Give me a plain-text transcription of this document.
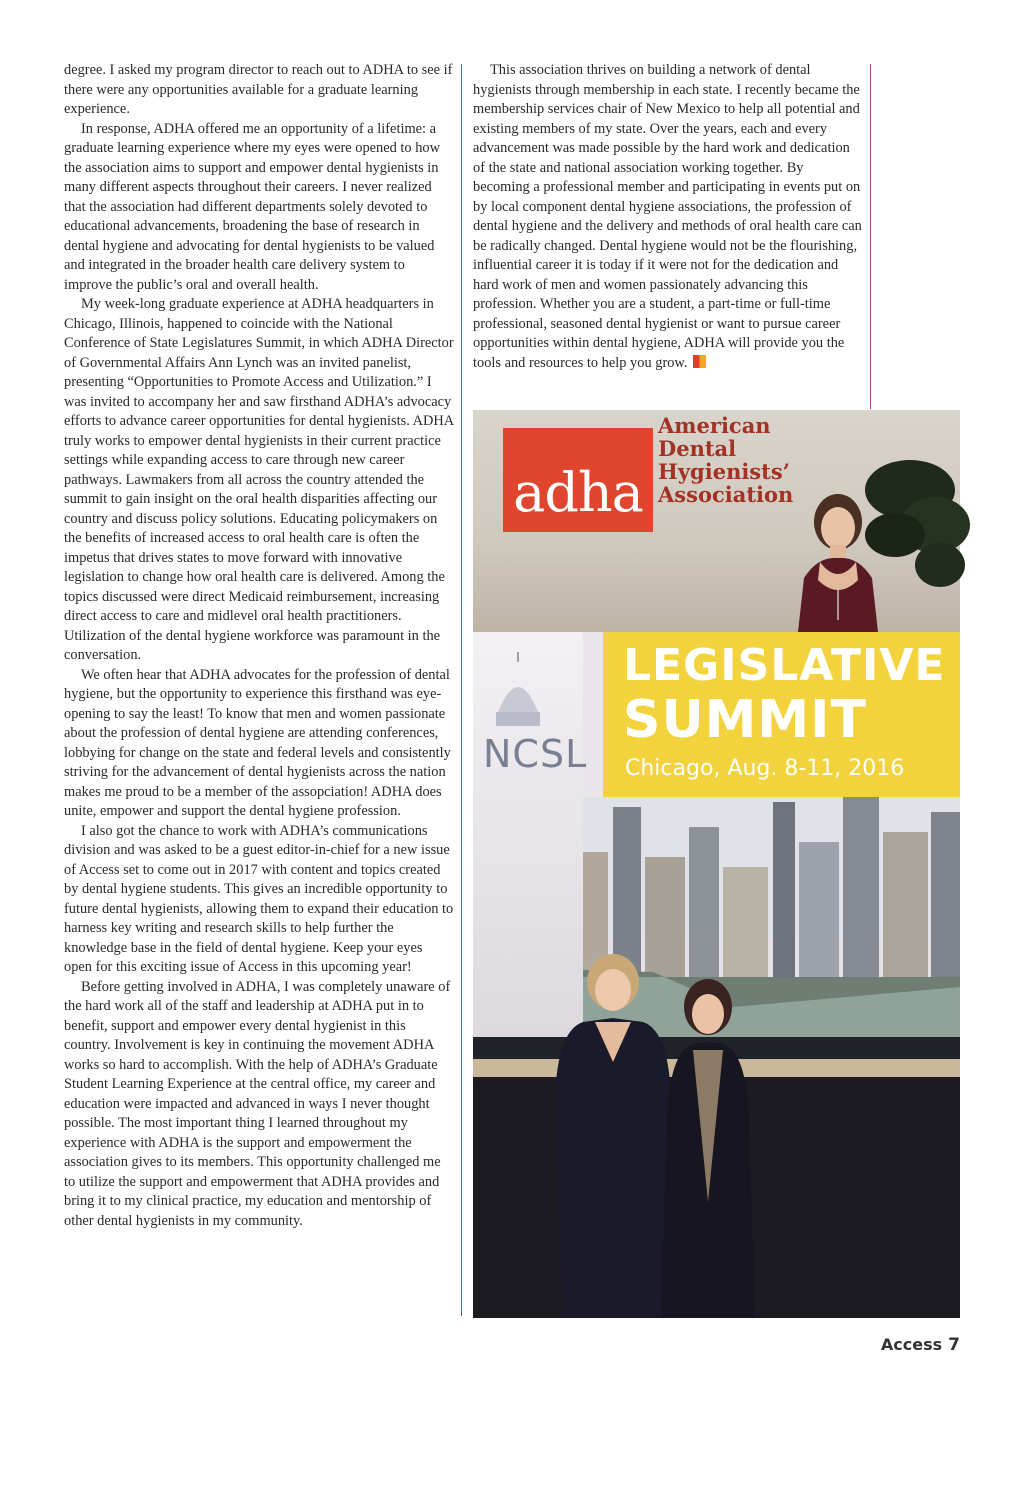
degree. I asked my program director to reach out to ADHA to see if there were any opportunities available for a graduate learning experience.

In response, ADHA offered me an opportunity of a lifetime: a graduate learning experience where my eyes were opened to how the association aims to support and empower dental hygienists in many different aspects throughout their careers. I never realized that the association had different departments solely devoted to educational advancements, broadening the base of research in dental hygiene and advocating for dental hygienists to be valued and integrated in the broader health care delivery system to improve the public’s oral and overall health.

My week-long graduate experience at ADHA headquarters in Chicago, Illinois, happened to coincide with the National Conference of State Legislatures Summit, in which ADHA Director of Governmental Affairs Ann Lynch was an invited panelist, presenting “Opportunities to Promote Access and Utilization.” I was invited to accompany her and saw firsthand ADHA’s advocacy efforts to advance career opportunities for dental hygienists. ADHA truly works to empower dental hygienists in their current practice settings while expanding access to care through new career pathways. Lawmakers from all across the country attended the summit to gain insight on the oral health disparities affecting our country and discuss policy solutions. Educating policymakers on the benefits of increased access to oral health care is often the impetus that drives states to move forward with innovative legislation to change how oral health care is delivered. Among the topics discussed were direct Medicaid reimbursement, increasing direct access to care and midlevel oral health practitioners. Utilization of the dental hygiene workforce was paramount in the conversation.

We often hear that ADHA advocates for the profession of dental hygiene, but the opportunity to experience this firsthand was eye-opening to say the least! To know that men and women passionate about the profession of dental hygiene are attending conferences, lobbying for change on the state and federal levels and consistently striving for the advancement of dental hygienists across the nation makes me proud to be a member of the assopciation! ADHA does unite, empower and support the dental hygiene profession.

I also got the chance to work with ADHA’s communications division and was asked to be a guest editor-in-chief for a new issue of Access set to come out in 2017 with content and topics created by dental hygiene students. This gives an incredible opportunity to future dental hygienists, allowing them to expand their education to harness key writing and research skills to help further the knowledge base in the field of dental hygiene. Keep your eyes open for this exciting issue of Access in this upcoming year!

Before getting involved in ADHA, I was completely unaware of the hard work all of the staff and leadership at ADHA put in to benefit, support and empower every dental hygienist in this country. Involvement is key in continuing the movement ADHA works so hard to accomplish. With the help of ADHA’s Graduate Student Learning Experience at the central office, my career and education were impacted and advanced in ways I never thought possible. The most important thing I learned throughout my experience with ADHA is the support and empowerment the association gives to its members. This opportunity challenged me to utilize the support and empowerment that ADHA provides and bring it to my clinical practice, my education and mentorship of other dental hygienists in my community.

This association thrives on building a network of dental hygienists through membership in each state. I recently became the membership services chair of New Mexico to help all potential and existing members of my state. Over the years, each and every advancement was made possible by the hard work and dedication of the state and national association working together. By becoming a professional member and participating in events put on by local component dental hygiene associations, the profession of dental hygiene and the delivery and methods of oral health care can be radically changed. Dental hygiene would not be the flourishing, influential career it is today if it were not for the dedication and hard work of men and women passionately advancing this profession. Whether you are a student, a part-time or full-time professional, seasoned dental hygienist or want to pursue career opportunities within dental hygiene, ADHA will provide you the tools and resources to help you grow.

adha
American
Dental
Hygienists’
Association
NCSL
LEGISLATIVE
SUMMIT
Chicago, Aug. 8-11, 2016
Klenke (right) with ADHA Director of Governmental Affairs Ann Lynch
Access 7
